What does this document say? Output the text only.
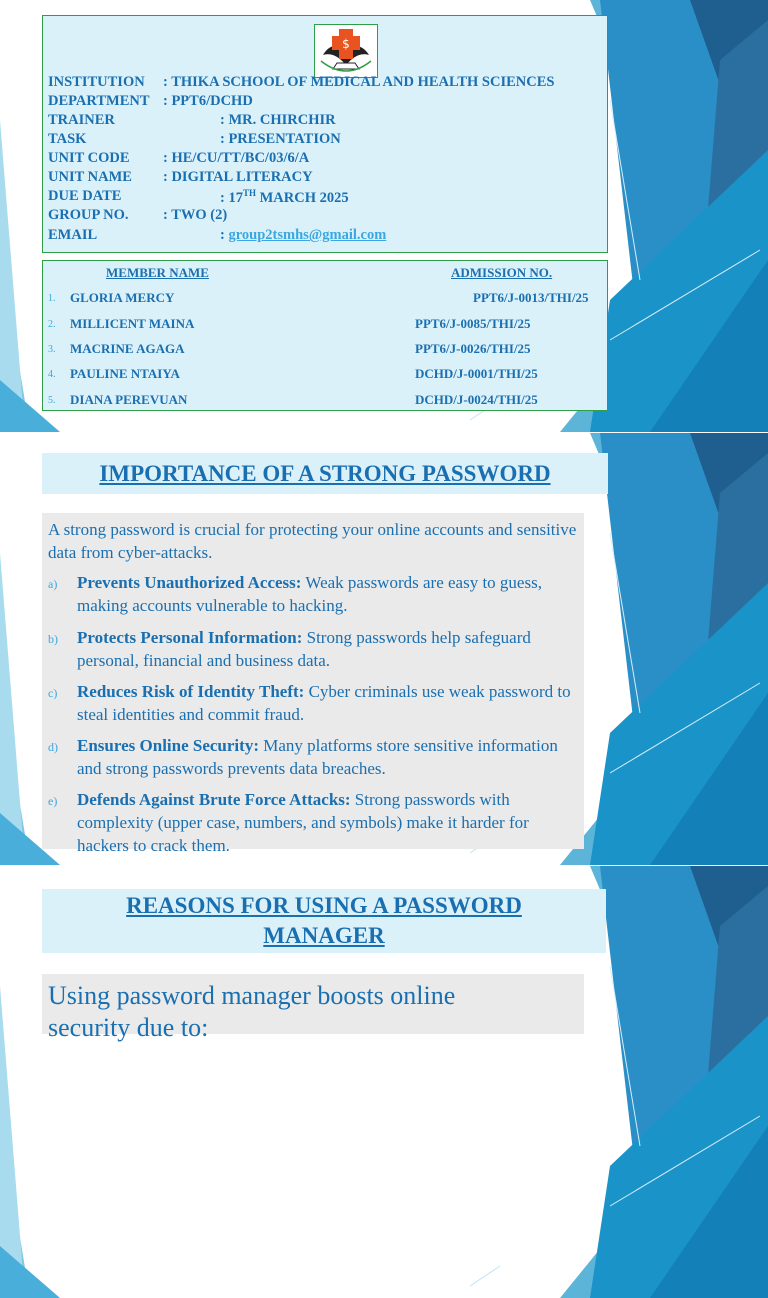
$
INSTITUTION : THIKA SCHOOL OF MEDICAL AND HEALTH SCIENCES
DEPARTMENT : PPT6/DCHD
TRAINER	: MR. CHIRCHIR
TASK	: PRESENTATION
UNIT CODE : HE/CU/TT/BC/03/6/A
UNIT NAME : DIGITAL LITERACY
DUE DATE	: 17TH MARCH 2025
GROUP NO. : TWO (2)
EMAIL	: group2tsmhs@gmail.com
MEMBER NAME	ADMISSION NO.
1. GLORIA MERCY	PPT6/J-0013/THI/25
2. MILLICENT MAINA	PPT6/J-0085/THI/25
3. MACRINE AGAGA	PPT6/J-0026/THI/25
4. PAULINE NTAIYA	DCHD/J-0001/THI/25
5. DIANA PEREVUAN	DCHD/J-0024/THI/25
IMPORTANCE OF A STRONG PASSWORD
A strong password is crucial for protecting your online accounts and sensitive data from cyber-attacks.
a) Prevents Unauthorized Access: Weak passwords are easy to guess, making accounts vulnerable to hacking.
b) Protects Personal Information: Strong passwords help safeguard personal, financial and business data.
c) Reduces Risk of Identity Theft: Cyber criminals use weak password to steal identities and commit fraud.
d) Ensures Online Security: Many platforms store sensitive information and strong passwords prevents data breaches.
e) Defends Against Brute Force Attacks: Strong passwords with complexity (upper case, numbers, and symbols) make it harder for hackers to crack them.
REASONS FOR USING A PASSWORD
MANAGER
Using password manager boosts online
security due to:
